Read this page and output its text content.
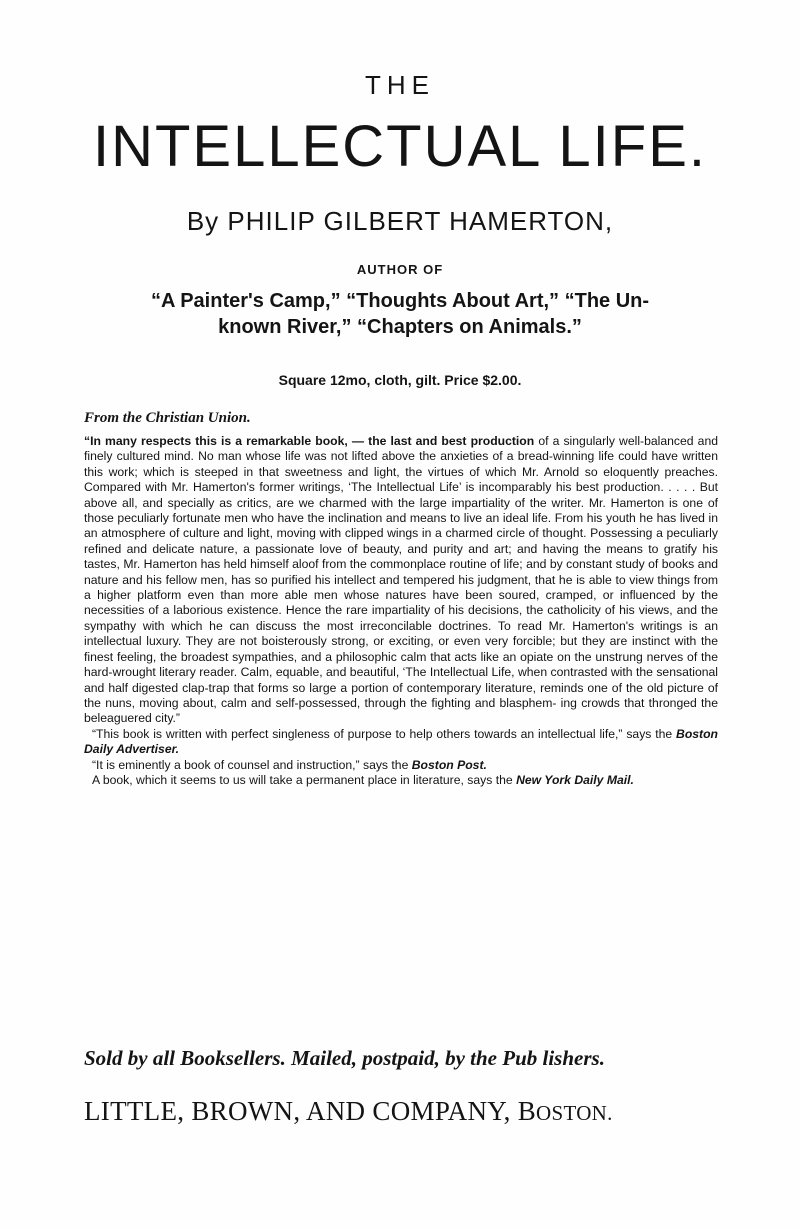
THE
INTELLECTUAL LIFE.
By PHILIP GILBERT HAMERTON,
AUTHOR OF
“A Painter's Camp,” “Thoughts About Art,” “The Un-
known River,” “Chapters on Animals.”
Square 12mo, cloth, gilt. Price $2.00.
From the Christian Union.

“In many respects this is a remarkable book, — the last and best production of a singularly well-balanced and finely cultured mind. No man whose life was not lifted above the anxieties of a bread-winning life could have written this work; which is steeped in that sweetness and light, the virtues of which Mr. Arnold so eloquently preaches. Compared with Mr. Hamerton's former writings, ‘The Intellectual Life’ is incomparably his best production. . . . . But above all, and specially as critics, are we charmed with the large impartiality of the writer. Mr. Hamerton is one of those peculiarly fortunate men who have the inclination and means to live an ideal life. From his youth he has lived in an atmosphere of culture and light, moving with clipped wings in a charmed circle of thought. Possessing a peculiarly refined and delicate nature, a passionate love of beauty, and purity and art; and having the means to gratify his tastes, Mr. Hamerton has held himself aloof from the commonplace routine of life; and by constant study of books and nature and his fellow men, has so purified his intellect and tempered his judgment, that he is able to view things from a higher platform even than more able men whose natures have been soured, cramped, or influenced by the necessities of a laborious existence. Hence the rare impartiality of his decisions, the catholicity of his views, and the sympathy with which he can discuss the most irreconcilable doctrines. To read Mr. Hamerton's writings is an intellectual luxury. They are not boisterously strong, or exciting, or even very forcible; but they are instinct with the finest feeling, the broadest sympathies, and a philosophic calm that acts like an opiate on the unstrung nerves of the hard-wrought literary reader. Calm, equable, and beautiful, ‘The Intellectual Life, when contrasted with the sensational and half digested clap-trap that forms so large a portion of contemporary literature, reminds one of the old picture of the nuns, moving about, calm and self-possessed, through the fighting and blasphem- ing crowds that thronged the beleaguered city.”

“This book is written with perfect singleness of purpose to help others towards an intellectual life,” says the Boston Daily Advertiser.

“It is eminently a book of counsel and instruction,” says the Boston Post.

A book, which it seems to us will take a permanent place in literature, says the New York Daily Mail.

Sold by all Booksellers. Mailed, postpaid, by the Pub lishers.
LITTLE, BROWN, AND COMPANY, BOSTON.
